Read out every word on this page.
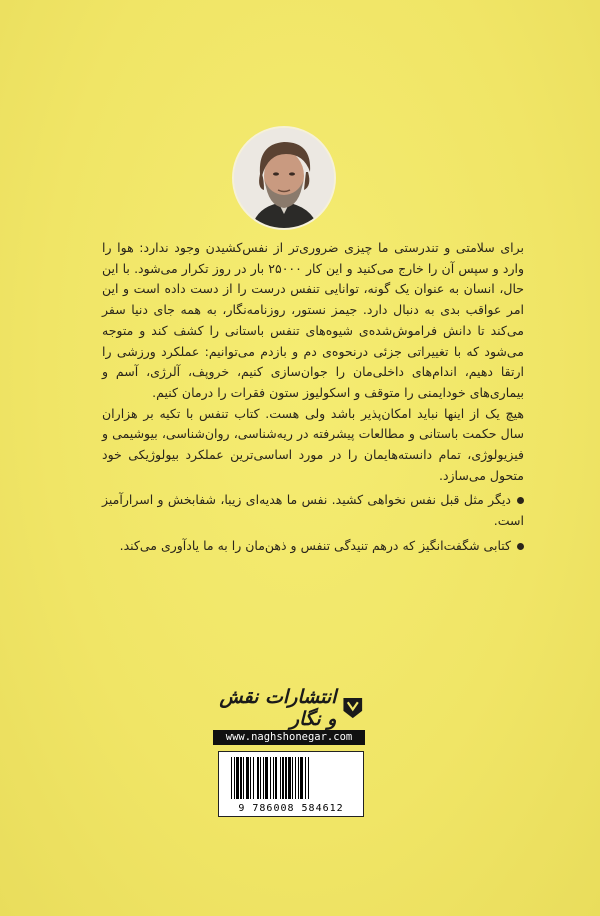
برای سلامتی و تندرستی ما چیزی ضروری‌تر از نفس‌کشیدن وجود ندارد: هوا را وارد و سپس آن را خارج می‌کنید و این کار ۲۵۰۰۰ بار در روز تکرار می‌شود. با این حال، انسان به عنوان یک گونه، توانایی تنفس درست را از دست داده است و این امر عواقب بدی به دنبال دارد. جیمز نستور، روزنامه‌نگار، به همه جای دنیا سفر می‌کند تا دانش فراموش‌شده‌ی شیوه‌های تنفس باستانی را کشف کند و متوجه می‌شود که با تغییراتی جزئی درنحوه‌ی دم و بازدم می‌توانیم: عملکرد ورزشی را ارتقا دهیم، اندام‌های داخلی‌مان را جوان‌سازی کنیم، خروپف، آلرژی، آسم و بیماری‌های خودایمنی را متوقف و اسکولیوز ستون فقرات را درمان کنیم.

هیچ یک از اینها نباید امکان‌پذیر باشد ولی هست. کتاب تنفس با تکیه بر هزاران سال حکمت باستانی و مطالعات پیشرفته در ریه‌شناسی، روان‌شناسی، بیوشیمی و فیزیولوژی، تمام دانسته‌هایمان را در مورد اساسی‌ترین عملکرد بیولوژیکی خود متحول می‌سازد.

دیگر مثل قبل نفس نخواهی کشید. نفس ما هدیه‌ای زیبا، شفابخش و اسرارآمیز است.

کتابی شگفت‌انگیز که درهم تنیدگی تنفس و ذهن‌مان را به ما یادآوری می‌کند.

انتشارات نقش و نگار
www.naghshonegar.com
9 786008 584612
